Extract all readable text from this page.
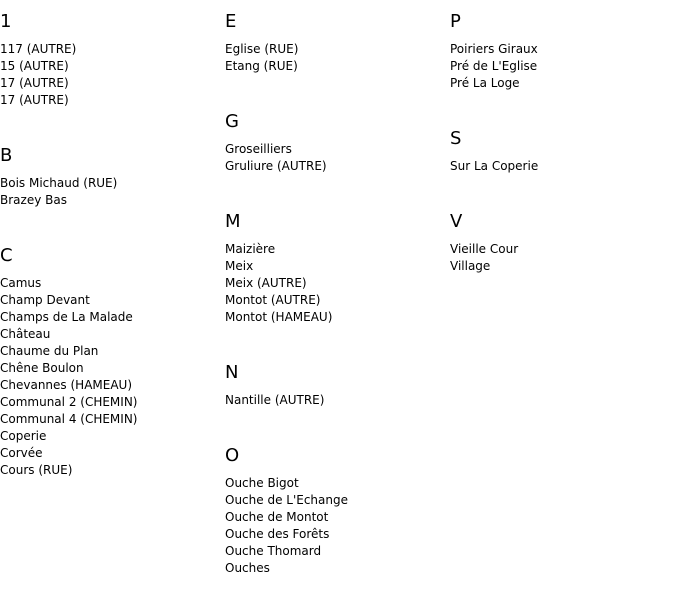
1
117 (AUTRE)
15 (AUTRE)
17 (AUTRE)
17 (AUTRE)
B
Bois Michaud (RUE)
Brazey Bas
C
Camus
Champ Devant
Champs de La Malade
Château
Chaume du Plan
Chêne Boulon
Chevannes (HAMEAU)
Communal 2 (CHEMIN)
Communal 4 (CHEMIN)
Coperie
Corvée
Cours (RUE)
E
Eglise (RUE)
Etang (RUE)
G
Groseilliers
Gruliure (AUTRE)
M
Maizière
Meix
Meix (AUTRE)
Montot (AUTRE)
Montot (HAMEAU)
N
Nantille (AUTRE)
O
Ouche Bigot
Ouche de L'Echange
Ouche de Montot
Ouche des Forêts
Ouche Thomard
Ouches
P
Poiriers Giraux
Pré de L'Eglise
Pré La Loge
S
Sur La Coperie
V
Vieille Cour
Village
